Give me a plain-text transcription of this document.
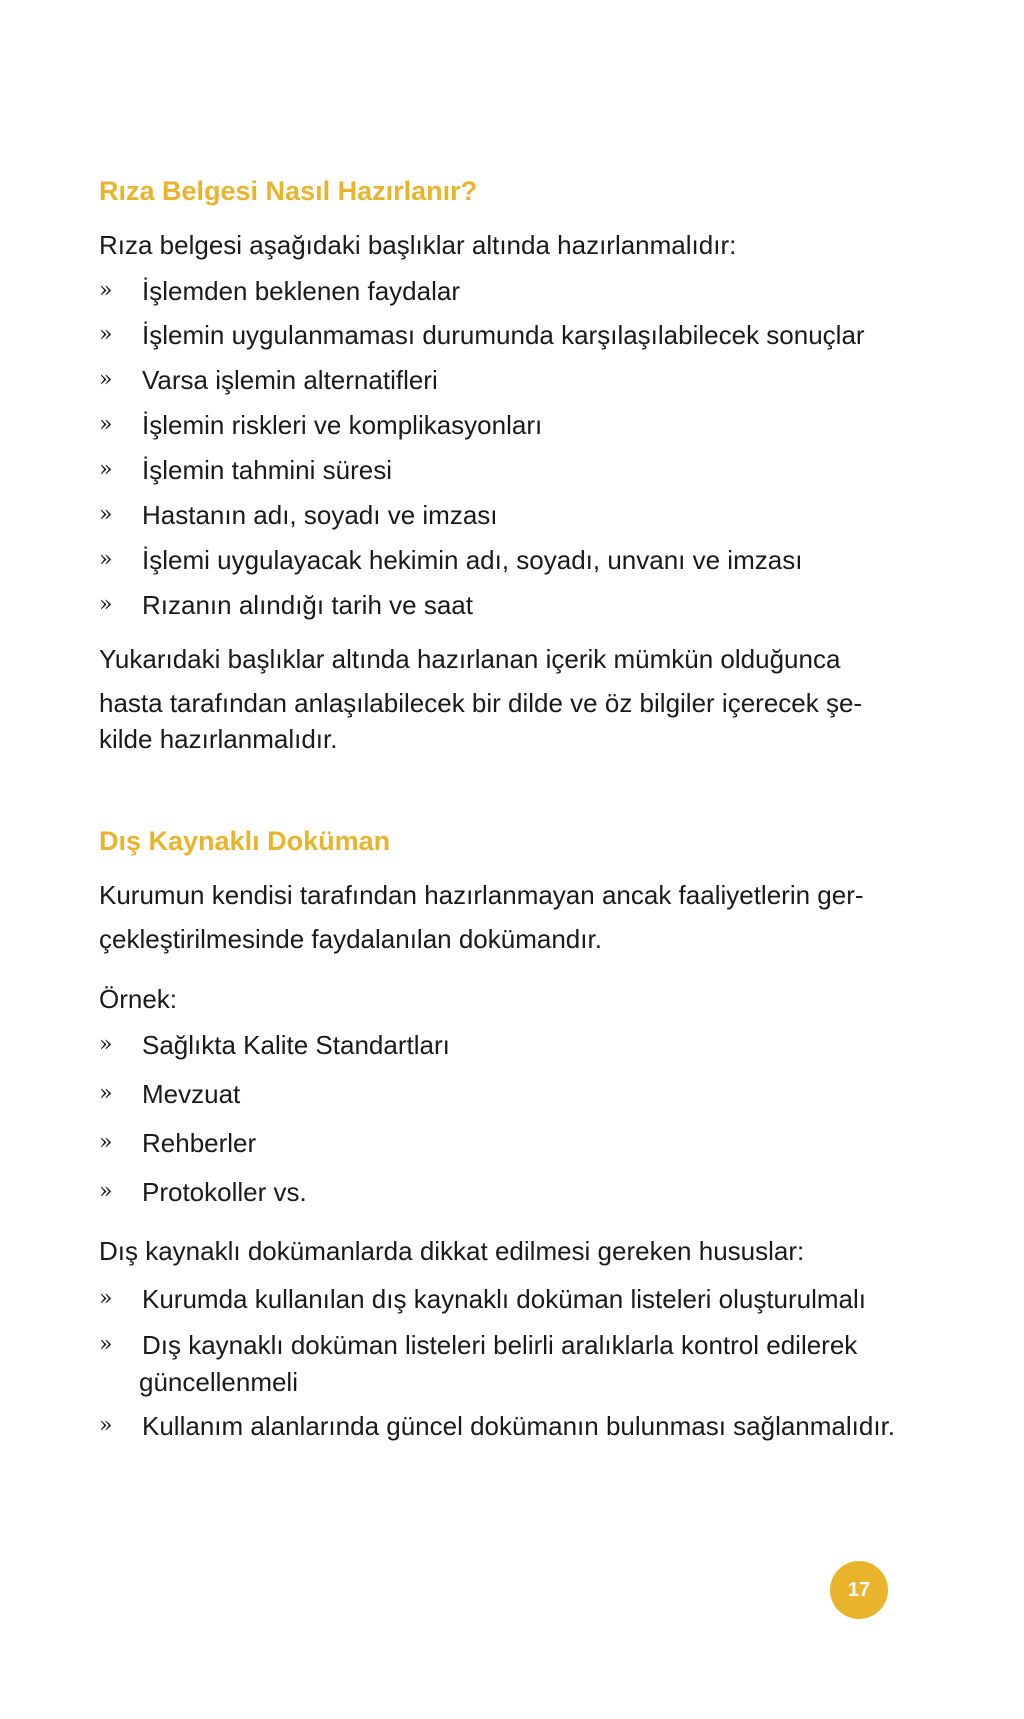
Rıza Belgesi Nasıl Hazırlanır?

Rıza belgesi aşağıdaki başlıklar altında hazırlanmalıdır:

» İşlemden beklenen faydalar
» İşlemin uygulanmaması durumunda karşılaşılabilecek sonuçlar
» Varsa işlemin alternatifleri
» İşlemin riskleri ve komplikasyonları
» İşlemin tahmini süresi
» Hastanın adı, soyadı ve imzası
» İşlemi uygulayacak hekimin adı, soyadı, unvanı ve imzası
» Rızanın alındığı tarih ve saat

Yukarıdaki başlıklar altında hazırlanan içerik mümkün olduğunca

hasta tarafından anlaşılabilecek bir dilde ve öz bilgiler içerecek şe-

kilde hazırlanmalıdır.

Dış Kaynaklı Doküman

Kurumun kendisi tarafından hazırlanmayan ancak faaliyetlerin ger-

çekleştirilmesinde faydalanılan dokümandır.

Örnek:

» Sağlıkta Kalite Standartları
» Mevzuat
» Rehberler
» Protokoller vs.

Dış kaynaklı dokümanlarda dikkat edilmesi gereken hususlar:

» Kurumda kullanılan dış kaynaklı doküman listeleri oluşturulmalı
» Dış kaynaklı doküman listeleri belirli aralıklarla kontrol edilerek
güncellenmeli
» Kullanım alanlarında güncel dokümanın bulunması sağlanmalıdır.
17
